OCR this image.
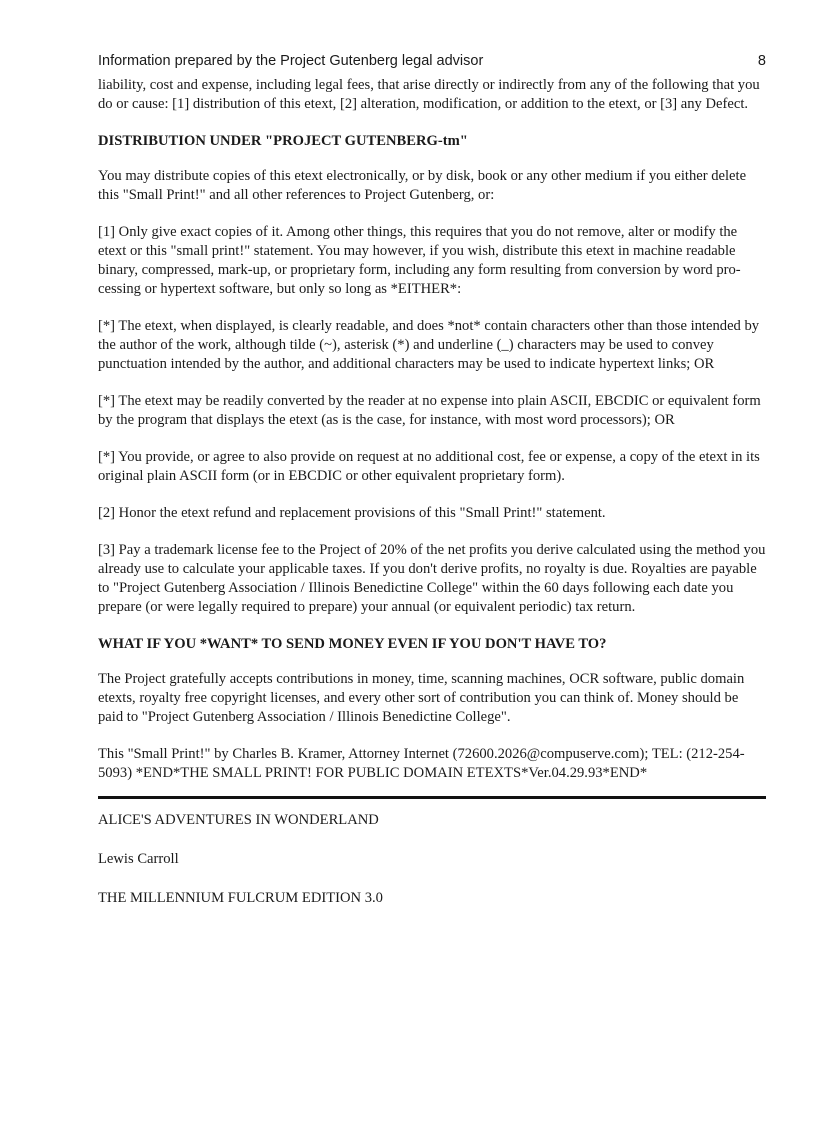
Information prepared by the Project Gutenberg legal advisor	8

liability, cost and expense, including legal fees, that arise directly or indirectly from any of the following that you do or cause: [1] distribution of this etext, [2] alteration, modification, or addition to the etext, or [3] any Defect.

DISTRIBUTION UNDER "PROJECT GUTENBERG-tm"

You may distribute copies of this etext electronically, or by disk, book or any other medium if you either delete this "Small Print!" and all other references to Project Gutenberg, or:

[1] Only give exact copies of it. Among other things, this requires that you do not remove, alter or modify the etext or this "small print!" statement. You may however, if you wish, distribute this etext in machine readable binary, compressed, mark-up, or proprietary form, including any form resulting from conversion by word pro-cessing or hypertext software, but only so long as *EITHER*:

[*] The etext, when displayed, is clearly readable, and does *not* contain characters other than those intended by the author of the work, although tilde (~), asterisk (*) and underline (_) characters may be used to convey punctuation intended by the author, and additional characters may be used to indicate hypertext links; OR

[*] The etext may be readily converted by the reader at no expense into plain ASCII, EBCDIC or equivalent form by the program that displays the etext (as is the case, for instance, with most word processors); OR

[*] You provide, or agree to also provide on request at no additional cost, fee or expense, a copy of the etext in its original plain ASCII form (or in EBCDIC or other equivalent proprietary form).

[2] Honor the etext refund and replacement provisions of this "Small Print!" statement.

[3] Pay a trademark license fee to the Project of 20% of the net profits you derive calculated using the method you already use to calculate your applicable taxes. If you don't derive profits, no royalty is due. Royalties are payable to "Project Gutenberg Association / Illinois Benedictine College" within the 60 days following each date you prepare (or were legally required to prepare) your annual (or equivalent periodic) tax return.

WHAT IF YOU *WANT* TO SEND MONEY EVEN IF YOU DON'T HAVE TO?

The Project gratefully accepts contributions in money, time, scanning machines, OCR software, public domain etexts, royalty free copyright licenses, and every other sort of contribution you can think of. Money should be paid to "Project Gutenberg Association / Illinois Benedictine College".

This "Small Print!" by Charles B. Kramer, Attorney Internet (72600.2026@compuserve.com); TEL: (212-254-5093) *END*THE SMALL PRINT! FOR PUBLIC DOMAIN ETEXTS*Ver.04.29.93*END*

ALICE'S ADVENTURES IN WONDERLAND

Lewis Carroll

THE MILLENNIUM FULCRUM EDITION 3.0
